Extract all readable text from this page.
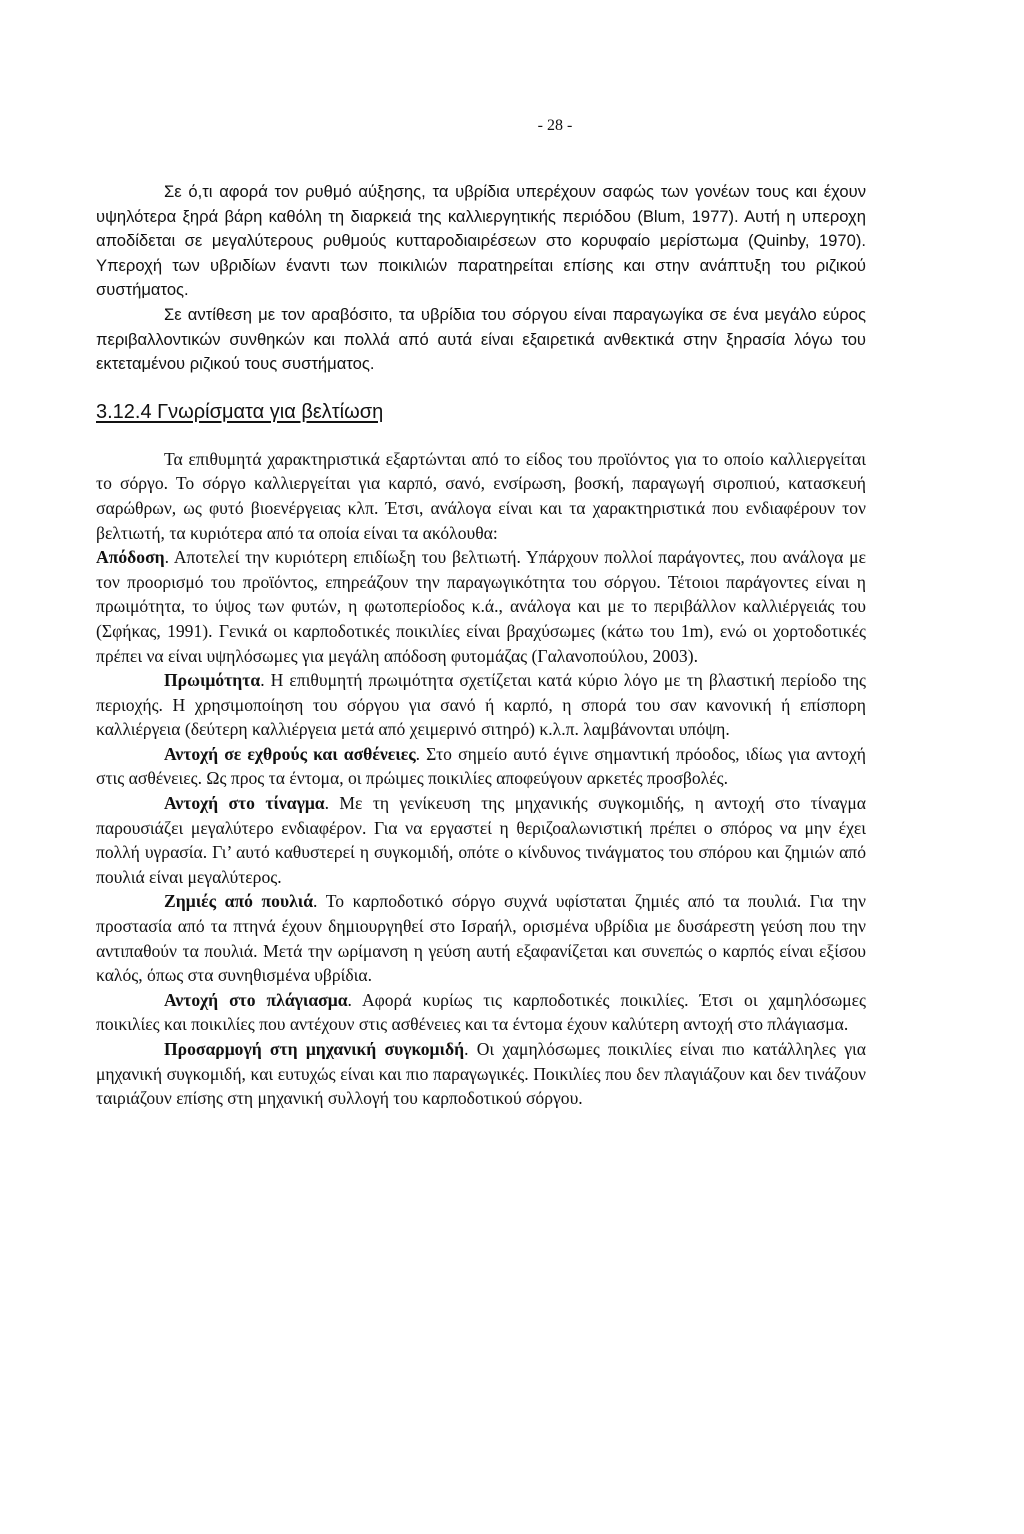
- 28 -

Σε ό,τι αφορά τον ρυθμό αύξησης, τα υβρίδια υπερέχουν σαφώς των γονέων τους και έχουν υψηλότερα ξηρά βάρη καθόλη τη διαρκειά της καλλιεργητικής περιόδου (Blum, 1977). Αυτή η υπεροχη αποδίδεται σε μεγαλύτερους ρυθμούς κυτταροδιαιρέσεων στο κορυφαίο μερίστωμα (Quinby, 1970). Υπεροχή των υβριδίων έναντι των ποικιλιών παρατηρείται επίσης και στην ανάπτυξη του ριζικού συστήματος.

Σε αντίθεση με τον αραβόσιτο, τα υβρίδια του σόργου είναι παραγωγίκα σε ένα μεγάλο εύρος περιβαλλοντικών συνθηκών και πολλά από αυτά είναι εξαιρετικά ανθεκτικά στην ξηρασία λόγω του εκτεταμένου ριζικού τους συστήματος.

3.12.4 Γνωρίσματα για βελτίωση

Τα επιθυμητά χαρακτηριστικά εξαρτώνται από το είδος του προϊόντος για το οποίο καλλιεργείται το σόργο. Το σόργο καλλιεργείται για καρπό, σανό, ενσίρωση, βοσκή, παραγωγή σιροπιού, κατασκευή σαρώθρων, ως φυτό βιοενέργειας κλπ. Έτσι, ανάλογα είναι και τα χαρακτηριστικά που ενδιαφέρουν τον βελτιωτή, τα κυριότερα από τα οποία είναι τα ακόλουθα:

Απόδοση. Αποτελεί την κυριότερη επιδίωξη του βελτιωτή. Υπάρχουν πολλοί παράγοντες, που ανάλογα με τον προορισμό του προϊόντος, επηρεάζουν την παραγωγικότητα του σόργου. Τέτοιοι παράγοντες είναι η πρωιμότητα, το ύψος των φυτών, η φωτοπερίοδος κ.ά., ανάλογα και με το περιβάλλον καλλιέργειάς του (Σφήκας, 1991). Γενικά οι καρποδοτικές ποικιλίες είναι βραχύσωμες (κάτω του 1m), ενώ οι χορτοδοτικές πρέπει να είναι υψηλόσωμες για μεγάλη απόδοση φυτομάζας (Γαλανοπούλου, 2003).

Πρωιμότητα. Η επιθυμητή πρωιμότητα σχετίζεται κατά κύριο λόγο με τη βλαστική περίοδο της περιοχής. Η χρησιμοποίηση του σόργου για σανό ή καρπό, η σπορά του σαν κανονική ή επίσπορη καλλιέργεια (δεύτερη καλλιέργεια μετά από χειμερινό σιτηρό) κ.λ.π. λαμβάνονται υπόψη.

Αντοχή σε εχθρούς και ασθένειες. Στο σημείο αυτό έγινε σημαντική πρόοδος, ιδίως για αντοχή στις ασθένειες. Ως προς τα έντομα, οι πρώιμες ποικιλίες αποφεύγουν αρκετές προσβολές.

Αντοχή στο τίναγμα. Με τη γενίκευση της μηχανικής συγκομιδής, η αντοχή στο τίναγμα παρουσιάζει μεγαλύτερο ενδιαφέρον. Για να εργαστεί η θεριζοαλωνιστική πρέπει ο σπόρος να μην έχει πολλή υγρασία. Γι’ αυτό καθυστερεί η συγκομιδή, οπότε ο κίνδυνος τινάγματος του σπόρου και ζημιών από πουλιά είναι μεγαλύτερος.

Ζημιές από πουλιά. Το καρποδοτικό σόργο συχνά υφίσταται ζημιές από τα πουλιά. Για την προστασία από τα πτηνά έχουν δημιουργηθεί στο Ισραήλ, ορισμένα υβρίδια με δυσάρεστη γεύση που την αντιπαθούν τα πουλιά. Μετά την ωρίμανση η γεύση αυτή εξαφανίζεται και συνεπώς ο καρπός είναι εξίσου καλός, όπως στα συνηθισμένα υβρίδια.

Αντοχή στο πλάγιασμα. Αφορά κυρίως τις καρποδοτικές ποικιλίες. Έτσι οι χαμηλόσωμες ποικιλίες και ποικιλίες που αντέχουν στις ασθένειες και τα έντομα έχουν καλύτερη αντοχή στο πλάγιασμα.

Προσαρμογή στη μηχανική συγκομιδή. Οι χαμηλόσωμες ποικιλίες είναι πιο κατάλληλες για μηχανική συγκομιδή, και ευτυχώς είναι και πιο παραγωγικές. Ποικιλίες που δεν πλαγιάζουν και δεν τινάζουν ταιριάζουν επίσης στη μηχανική συλλογή του καρποδοτικού σόργου.
